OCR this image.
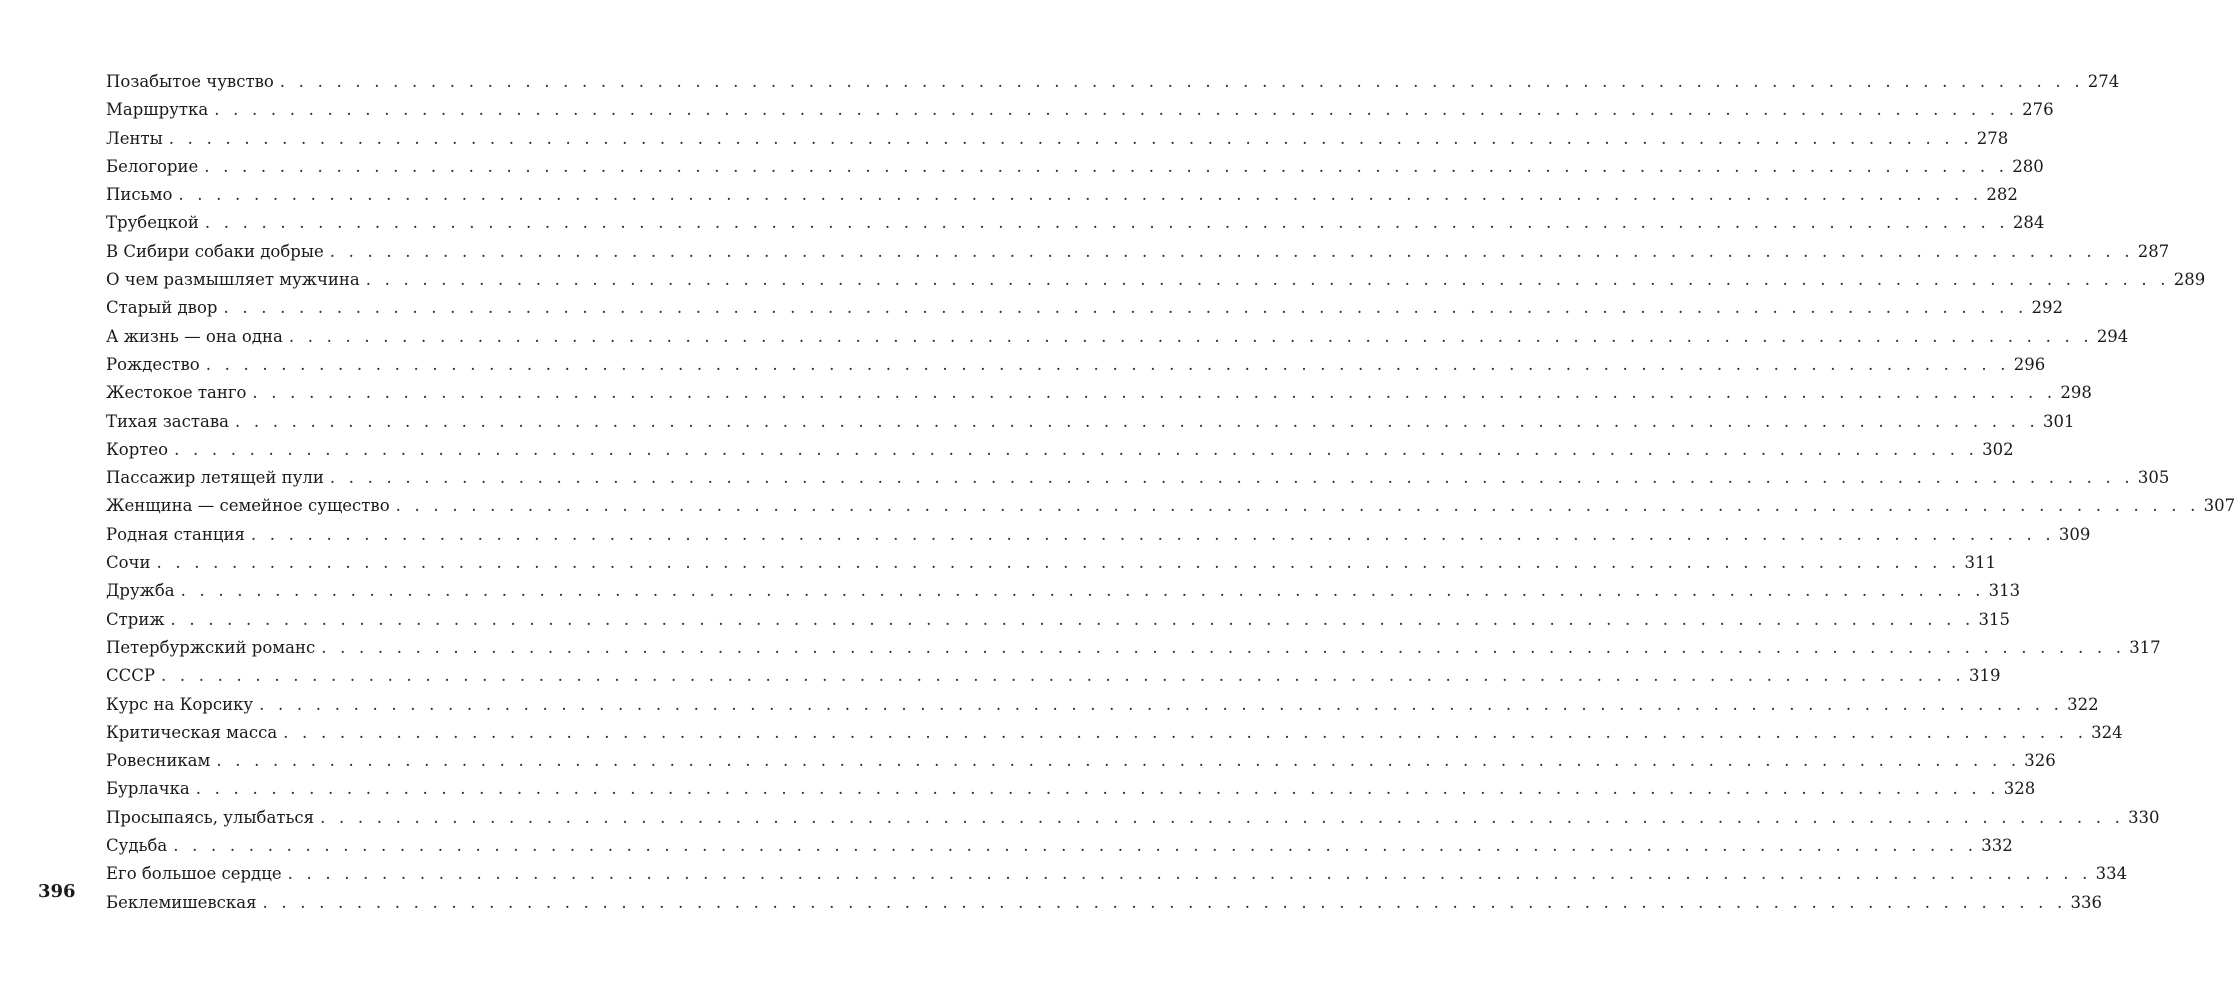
Позабытое чувство . . . . . . . . . . . . . . . . . . . . . . . . . . . . . . . . . . . . . . . . . . . . . . . . . . . . . . . . . . . . . . . . . . . . . . . . . . . . . . . . . . . . . . . . . . . . . . . . 274
Маршрутка . . . . . . . . . . . . . . . . . . . . . . . . . . . . . . . . . . . . . . . . . . . . . . . . . . . . . . . . . . . . . . . . . . . . . . . . . . . . . . . . . . . . . . . . . . . . . . . . 276
Ленты . . . . . . . . . . . . . . . . . . . . . . . . . . . . . . . . . . . . . . . . . . . . . . . . . . . . . . . . . . . . . . . . . . . . . . . . . . . . . . . . . . . . . . . . . . . . . . . . 278
Белогорие . . . . . . . . . . . . . . . . . . . . . . . . . . . . . . . . . . . . . . . . . . . . . . . . . . . . . . . . . . . . . . . . . . . . . . . . . . . . . . . . . . . . . . . . . . . . . . . . 280
Письмо . . . . . . . . . . . . . . . . . . . . . . . . . . . . . . . . . . . . . . . . . . . . . . . . . . . . . . . . . . . . . . . . . . . . . . . . . . . . . . . . . . . . . . . . . . . . . . . . 282
Трубецкой . . . . . . . . . . . . . . . . . . . . . . . . . . . . . . . . . . . . . . . . . . . . . . . . . . . . . . . . . . . . . . . . . . . . . . . . . . . . . . . . . . . . . . . . . . . . . . . . 284
В Сибири собаки добрые . . . . . . . . . . . . . . . . . . . . . . . . . . . . . . . . . . . . . . . . . . . . . . . . . . . . . . . . . . . . . . . . . . . . . . . . . . . . . . . . . . . . . . . . . . . . . . . . 287
О чем размышляет мужчина . . . . . . . . . . . . . . . . . . . . . . . . . . . . . . . . . . . . . . . . . . . . . . . . . . . . . . . . . . . . . . . . . . . . . . . . . . . . . . . . . . . . . . . . . . . . . . . . 289
Старый двор . . . . . . . . . . . . . . . . . . . . . . . . . . . . . . . . . . . . . . . . . . . . . . . . . . . . . . . . . . . . . . . . . . . . . . . . . . . . . . . . . . . . . . . . . . . . . . . . 292
А жизнь — она одна . . . . . . . . . . . . . . . . . . . . . . . . . . . . . . . . . . . . . . . . . . . . . . . . . . . . . . . . . . . . . . . . . . . . . . . . . . . . . . . . . . . . . . . . . . . . . . . . 294
Рождество . . . . . . . . . . . . . . . . . . . . . . . . . . . . . . . . . . . . . . . . . . . . . . . . . . . . . . . . . . . . . . . . . . . . . . . . . . . . . . . . . . . . . . . . . . . . . . . . 296
Жестокое танго . . . . . . . . . . . . . . . . . . . . . . . . . . . . . . . . . . . . . . . . . . . . . . . . . . . . . . . . . . . . . . . . . . . . . . . . . . . . . . . . . . . . . . . . . . . . . . . . 298
Тихая застава . . . . . . . . . . . . . . . . . . . . . . . . . . . . . . . . . . . . . . . . . . . . . . . . . . . . . . . . . . . . . . . . . . . . . . . . . . . . . . . . . . . . . . . . . . . . . . . . 301
Кортео . . . . . . . . . . . . . . . . . . . . . . . . . . . . . . . . . . . . . . . . . . . . . . . . . . . . . . . . . . . . . . . . . . . . . . . . . . . . . . . . . . . . . . . . . . . . . . . . 302
Пассажир летящей пули . . . . . . . . . . . . . . . . . . . . . . . . . . . . . . . . . . . . . . . . . . . . . . . . . . . . . . . . . . . . . . . . . . . . . . . . . . . . . . . . . . . . . . . . . . . . . . . . 305
Женщина — семейное существо . . . . . . . . . . . . . . . . . . . . . . . . . . . . . . . . . . . . . . . . . . . . . . . . . . . . . . . . . . . . . . . . . . . . . . . . . . . . . . . . . . . . . . . . . . . . . . . . 307
Родная станция . . . . . . . . . . . . . . . . . . . . . . . . . . . . . . . . . . . . . . . . . . . . . . . . . . . . . . . . . . . . . . . . . . . . . . . . . . . . . . . . . . . . . . . . . . . . . . . . 309
Сочи . . . . . . . . . . . . . . . . . . . . . . . . . . . . . . . . . . . . . . . . . . . . . . . . . . . . . . . . . . . . . . . . . . . . . . . . . . . . . . . . . . . . . . . . . . . . . . . . 311
Дружба . . . . . . . . . . . . . . . . . . . . . . . . . . . . . . . . . . . . . . . . . . . . . . . . . . . . . . . . . . . . . . . . . . . . . . . . . . . . . . . . . . . . . . . . . . . . . . . . 313
Стриж . . . . . . . . . . . . . . . . . . . . . . . . . . . . . . . . . . . . . . . . . . . . . . . . . . . . . . . . . . . . . . . . . . . . . . . . . . . . . . . . . . . . . . . . . . . . . . . . 315
Петербуржский романс . . . . . . . . . . . . . . . . . . . . . . . . . . . . . . . . . . . . . . . . . . . . . . . . . . . . . . . . . . . . . . . . . . . . . . . . . . . . . . . . . . . . . . . . . . . . . . . . 317
СССР . . . . . . . . . . . . . . . . . . . . . . . . . . . . . . . . . . . . . . . . . . . . . . . . . . . . . . . . . . . . . . . . . . . . . . . . . . . . . . . . . . . . . . . . . . . . . . . . 319
Курс на Корсику . . . . . . . . . . . . . . . . . . . . . . . . . . . . . . . . . . . . . . . . . . . . . . . . . . . . . . . . . . . . . . . . . . . . . . . . . . . . . . . . . . . . . . . . . . . . . . . . 322
Критическая масса . . . . . . . . . . . . . . . . . . . . . . . . . . . . . . . . . . . . . . . . . . . . . . . . . . . . . . . . . . . . . . . . . . . . . . . . . . . . . . . . . . . . . . . . . . . . . . . . 324
Ровесникам . . . . . . . . . . . . . . . . . . . . . . . . . . . . . . . . . . . . . . . . . . . . . . . . . . . . . . . . . . . . . . . . . . . . . . . . . . . . . . . . . . . . . . . . . . . . . . . . 326
Бурлачка . . . . . . . . . . . . . . . . . . . . . . . . . . . . . . . . . . . . . . . . . . . . . . . . . . . . . . . . . . . . . . . . . . . . . . . . . . . . . . . . . . . . . . . . . . . . . . . . 328
Просыпаясь, улыбаться . . . . . . . . . . . . . . . . . . . . . . . . . . . . . . . . . . . . . . . . . . . . . . . . . . . . . . . . . . . . . . . . . . . . . . . . . . . . . . . . . . . . . . . . . . . . . . . . 330
Судьба . . . . . . . . . . . . . . . . . . . . . . . . . . . . . . . . . . . . . . . . . . . . . . . . . . . . . . . . . . . . . . . . . . . . . . . . . . . . . . . . . . . . . . . . . . . . . . . . 332
Его большое сердце . . . . . . . . . . . . . . . . . . . . . . . . . . . . . . . . . . . . . . . . . . . . . . . . . . . . . . . . . . . . . . . . . . . . . . . . . . . . . . . . . . . . . . . . . . . . . . . . 334
Беклемишевская . . . . . . . . . . . . . . . . . . . . . . . . . . . . . . . . . . . . . . . . . . . . . . . . . . . . . . . . . . . . . . . . . . . . . . . . . . . . . . . . . . . . . . . . . . . . . . . . 336
396
